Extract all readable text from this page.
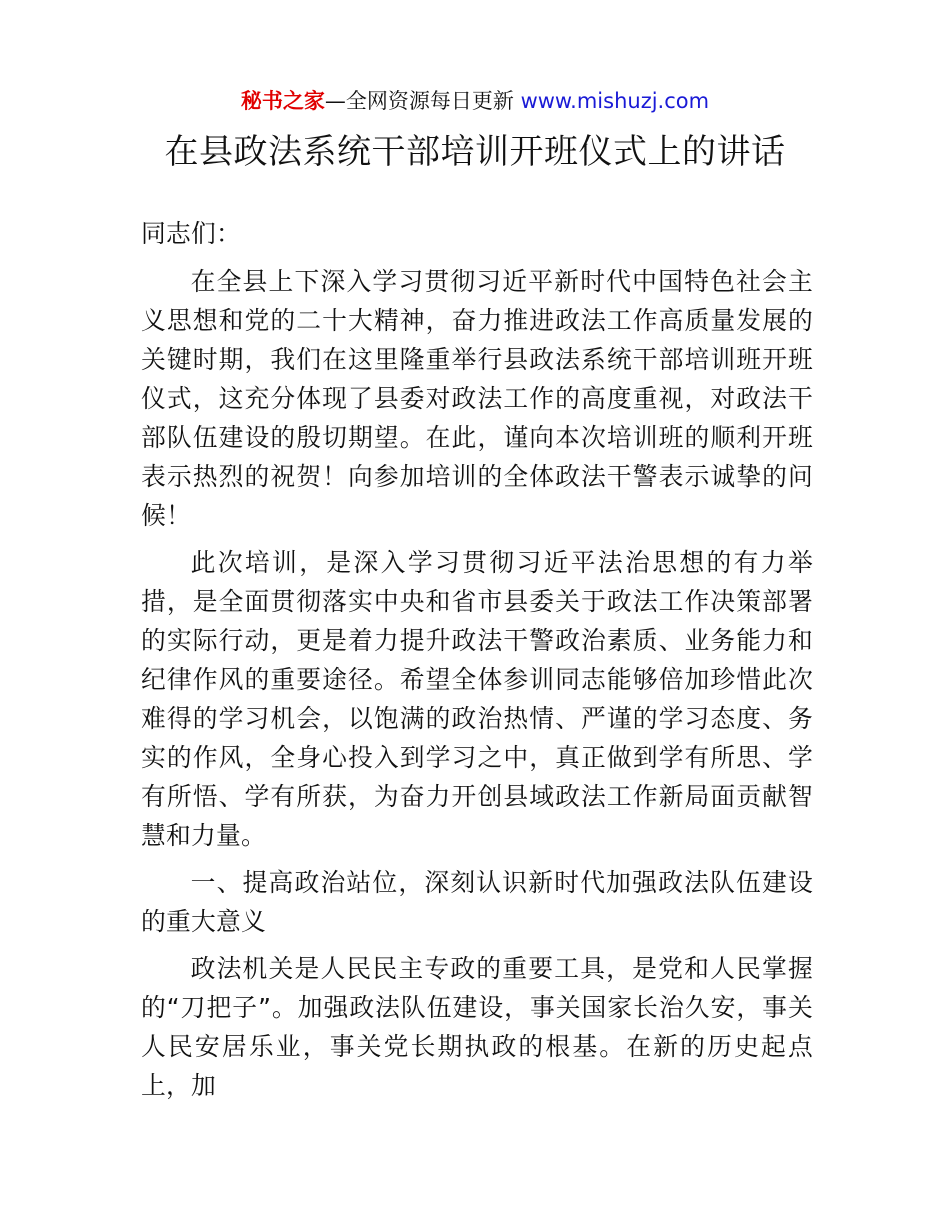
秘书之家—全网资源每日更新 www.mishuzj.com
在县政法系统干部培训开班仪式上的讲话

同志们：

在全县上下深入学习贯彻习近平新时代中国特色社会主义思想和党的二十大精神，奋力推进政法工作高质量发展的关键时期，我们在这里隆重举行县政法系统干部培训班开班仪式，这充分体现了县委对政法工作的高度重视，对政法干部队伍建设的殷切期望。在此，谨向本次培训班的顺利开班表示热烈的祝贺！向参加培训的全体政法干警表示诚挚的问候！

此次培训，是深入学习贯彻习近平法治思想的有力举措，是全面贯彻落实中央和省市县委关于政法工作决策部署的实际行动，更是着力提升政法干警政治素质、业务能力和纪律作风的重要途径。希望全体参训同志能够倍加珍惜此次难得的学习机会，以饱满的政治热情、严谨的学习态度、务实的作风，全身心投入到学习之中，真正做到学有所思、学有所悟、学有所获，为奋力开创县域政法工作新局面贡献智慧和力量。

一、提高政治站位，深刻认识新时代加强政法队伍建设的重大意义

政法机关是人民民主专政的重要工具，是党和人民掌握的“刀把子”。加强政法队伍建设，事关国家长治久安，事关人民安居乐业，事关党长期执政的根基。在新的历史起点上，加
